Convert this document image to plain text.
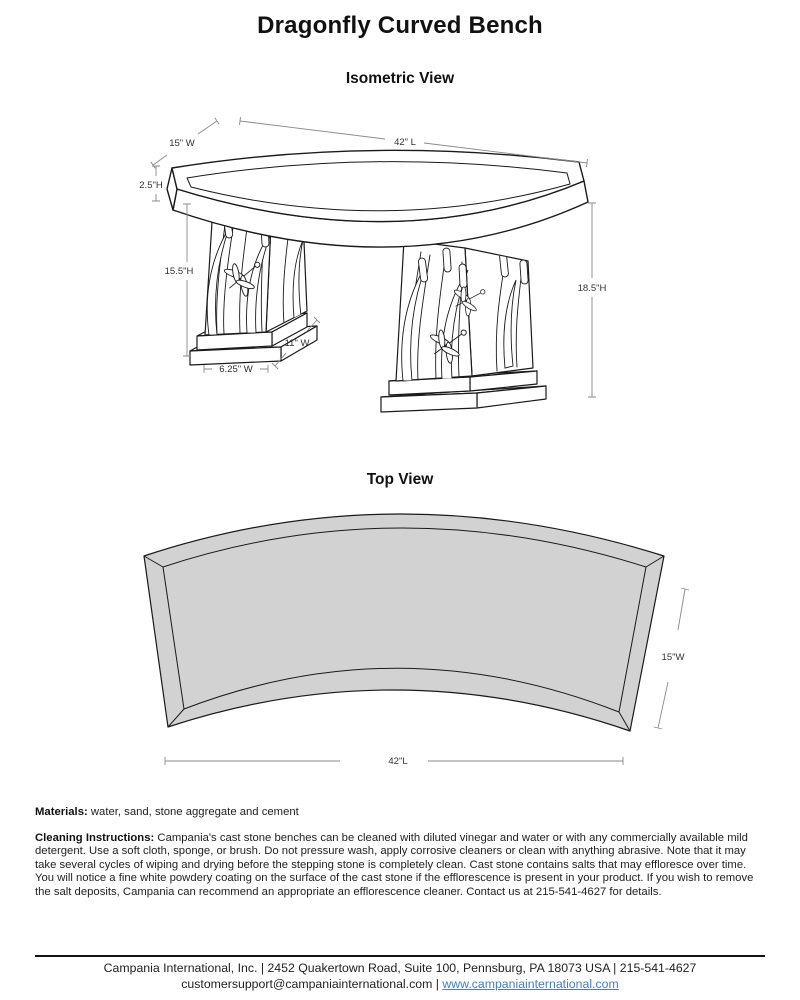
Dragonfly Curved Bench
Isometric View
15" W	42" L
2.5"H
15.5"H
11" W
6.25" W
18.5"H
Top View
15"W
42"L

Materials: water, sand, stone aggregate and cement

Cleaning Instructions: Campania's cast stone benches can be cleaned with diluted vinegar and water or with any commercially available mild detergent. Use a soft cloth, sponge, or brush. Do not pressure wash, apply corrosive cleaners or clean with anything abrasive. Note that it may take several cycles of wiping and drying before the stepping stone is completely clean. Cast stone contains salts that may effloresce over time. You will notice a fine white powdery coating on the surface of the cast stone if the efflorescence is present in your product. If you wish to remove the salt deposits, Campania can recommend an appropriate an efflorescence cleaner. Contact us at 215-541-4627 for details.

Campania International, Inc. | 2452 Quakertown Road, Suite 100, Pennsburg, PA 18073 USA | 215-541-4627
customersupport@campaniainternational.com | www.campaniainternational.com
